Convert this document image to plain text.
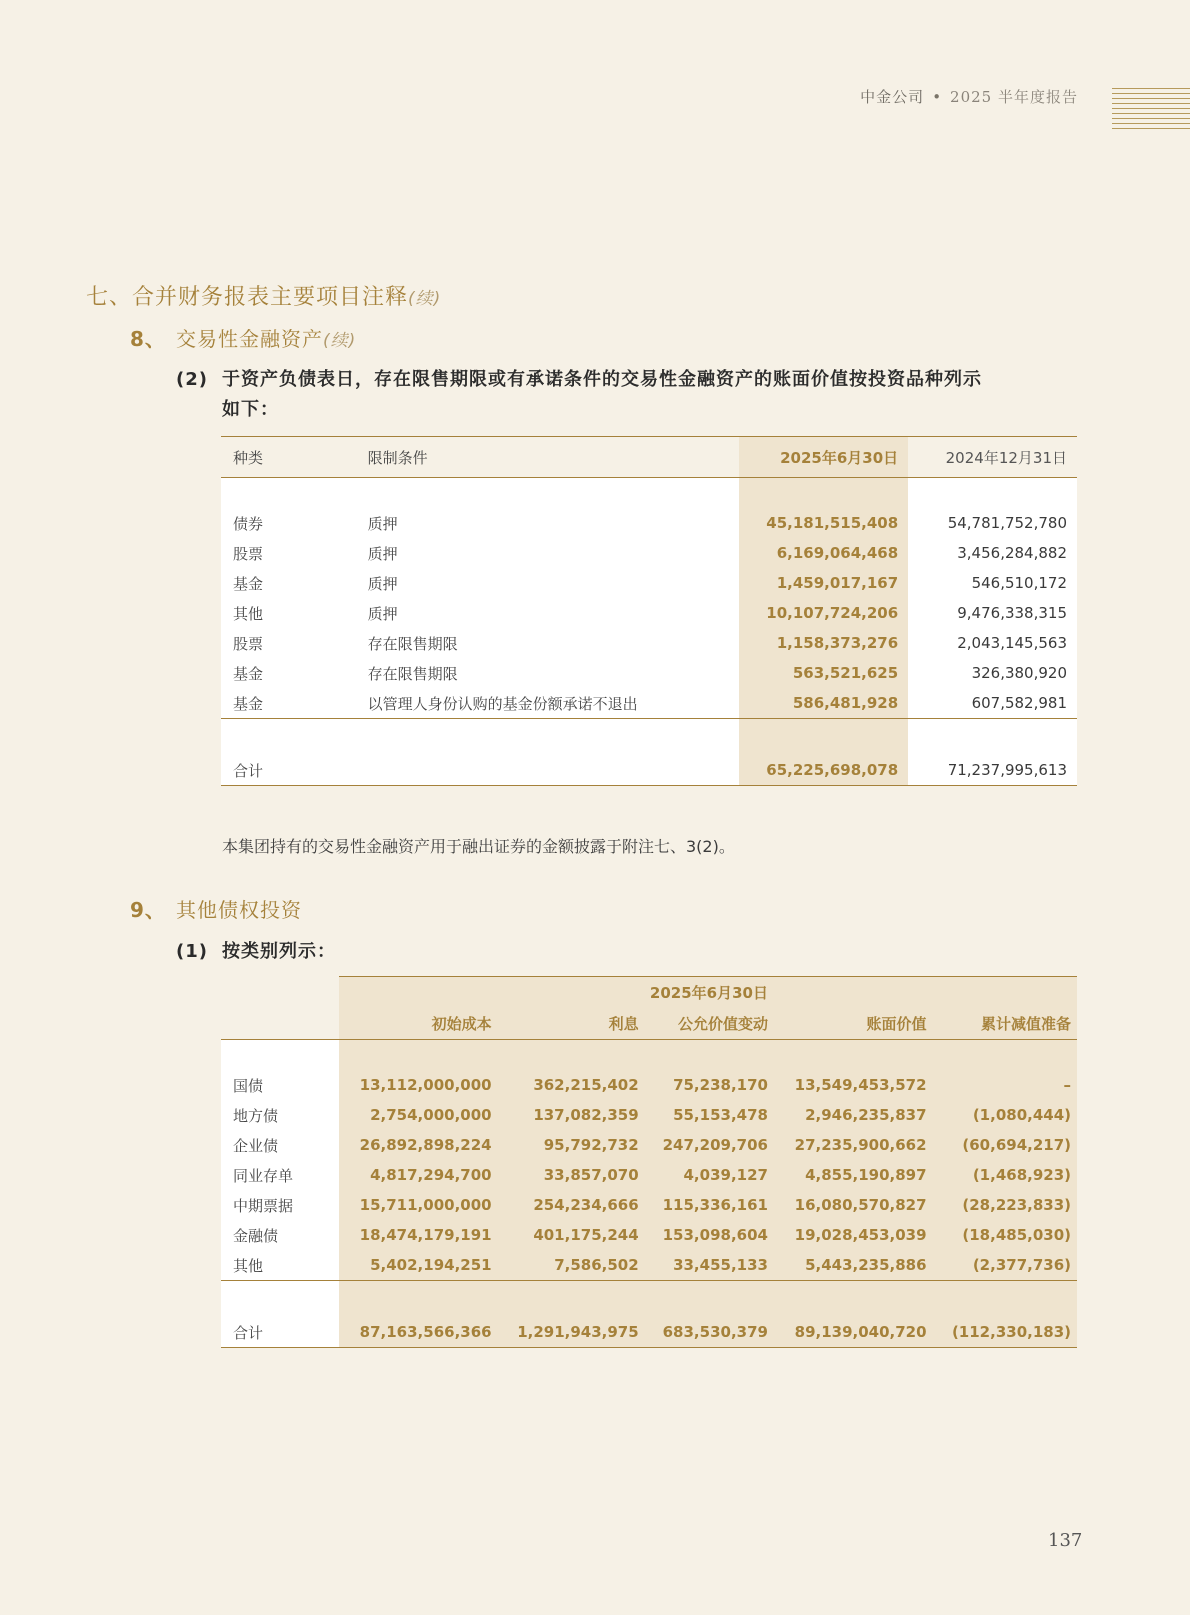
中金公司 • 2025 半年度报告
七、合并财务报表主要项目注释(续)
8、 交易性金融资产(续)
(2) 于资产负债表日，存在限售期限或有承诺条件的交易性金融资产的账面价值按投资品种列示
如下：
种类	限制条件	2025年6月30日	2024年12月31日

债券	质押	45,181,515,408	54,781,752,780
股票	质押	6,169,064,468	3,456,284,882
基金	质押	1,459,017,167	546,510,172
其他	质押	10,107,724,206	9,476,338,315
股票	存在限售期限	1,158,373,276	2,043,145,563
基金	存在限售期限	563,521,625	326,380,920
基金	以管理人身份认购的基金份额承诺不退出	586,481,928	607,582,981

合计		65,225,698,078	71,237,995,613
本集团持有的交易性金融资产用于融出证券的金额披露于附注七、3(2)。
9、 其他债权投资
(1) 按类别列示：
	2025年6月30日				
	初始成本	利息	公允价值变动	账面价值	累计减值准备

国债	13,112,000,000	362,215,402	75,238,170	13,549,453,572	–
地方债	2,754,000,000	137,082,359	55,153,478	2,946,235,837	(1,080,444)
企业债	26,892,898,224	95,792,732	247,209,706	27,235,900,662	(60,694,217)
同业存单	4,817,294,700	33,857,070	4,039,127	4,855,190,897	(1,468,923)
中期票据	15,711,000,000	254,234,666	115,336,161	16,080,570,827	(28,223,833)
金融债	18,474,179,191	401,175,244	153,098,604	19,028,453,039	(18,485,030)
其他	5,402,194,251	7,586,502	33,455,133	5,443,235,886	(2,377,736)

合计	87,163,566,366	1,291,943,975	683,530,379	89,139,040,720	(112,330,183)
137
